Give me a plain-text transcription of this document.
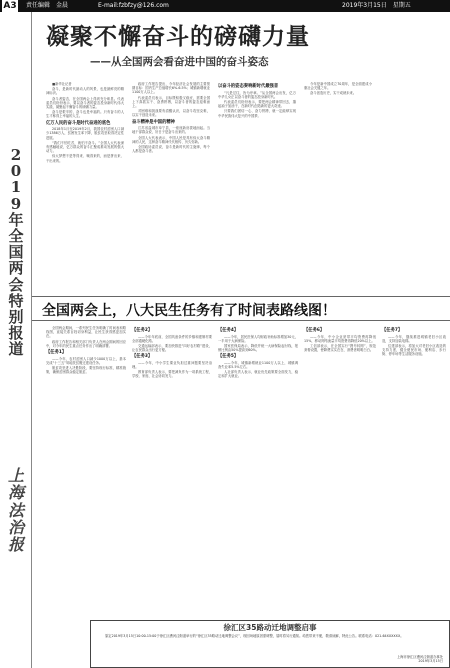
A3 责任编辑　金晨	E-mail:fzbfzy@126.com	2019年3月15日　星期五
2019年全国两会特别报道
上海法治报
凝聚不懈奋斗的磅礴力量
——从全国两会看奋进中国的奋斗姿态
■新华社记者
奋斗，是新时代最动人的风景，也是最鲜亮的精神标识。
奋斗者姿态，在全国两会上得到充分彰显。代表委员们纷纷表示，要以奋斗者的姿态投身新时代伟大实践，凝聚起不懈奋斗的磅礴力量。
奋斗是艰辛的，奋斗也是幸福的。只有奋斗的人生才称得上幸福的人生。
亿万人民的奋斗是时代奋进的底色
2018年1月至2019年2月，我国农村贫困人口减少1386万人，贫困发生率下降，脱贫攻坚取得决定性进展。
“我们不怕吃苦，就怕不奋斗。”全国人大代表深有感触地说，亿万群众的奋斗汇聚成推动发展的强大动力。
伟大梦想不是等得来、喊得来的，而是拼出来、干出来的。
政府工作报告提出，今年经济社会发展的主要预期目标：国内生产总值增长6%-6.5%；城镇新增就业1100万人以上。
代表委员们表示，目标既积极又稳妥，需要全国上下真抓实干、奋勇拼搏，以奋斗者的姿态迎难而上。
对困难和挑战要有清醒认识，以奋斗攻坚克难，以实干创造未来。
奋斗精神是中国的精神
江苏省盐城市阜宁县，一座座新房拔地而起。当地干部群众说，好日子是奋斗出来的。
全国人大代表表示，中国人民是具有伟大奋斗精神的人民，这种奋斗精神代代相传、历久弥新。
全国政协委员说，奋斗是新时代的主旋律，每个人都是奋斗者。
以奋斗的姿态奏响新时代最强音
“凡是过往，皆为序章。”从全国两会出发，亿万中华儿女正以奋斗者的姿态投身新时代。
代表委员们纷纷表示，要把两会精神带回去，撸起袖子加油干，在新时代创造新的更大奇迹。
只要我们团结一心、奋力拼搏，就一定能够实现中华民族伟大复兴的中国梦。
今年是新中国成立70周年，是全面建成小康社会关键之年。
奋斗创造历史，实干成就未来。
全国两会上，八大民生任务有了时间表路线图！
全国两会期间，一系列民生任务明确了时间表和路线图，直接关系百姓切身利益，让民生获得感更加实在。
政府工作报告和相关部门负责人在两会期间的回应中，对今年的民生重点任务作出了明确部署。
【任务1】
——今年，农村贫困人口减少1000万以上，基本完成“十三五”易地扶贫搬迁建设任务。
脱贫攻坚进入决胜阶段，要坚持现行标准，精准施策，确保贫困群众稳定脱贫。
【任务2】
——今年年底前，全国具备条件的乡镇和建制村要全部通硬化路。
交通运输部表示，要加快推进“四好农村路”建设，让农民群众出行更方便。
【任务3】
——今年，中小学生课业负担过重问题要坚决治理。
教育部负责人表示，要把减负作为一项系统工程，学校、家庭、社会协同发力。
【任务4】
——今年，居民医保人均财政补助标准增加30元，一半用于大病保险。
国家医保局表示，降低并统一大病保险起付线，报销比例由50%提高到60%。
【任务5】
——今年，城镇新增就业1100万人以上，城镇调查失业率5.5%左右。
人社部负责人表示，就业优先政策要全面发力，稳定和扩大就业。
【任务6】
——今年，中小企业宽带平均资费再降低15%，移动网络流量平均资费再降低20%以上。
工信部表示，在全国实行“携号转网”，规范套餐设置，使降费实实在在、消费者明明白白。
【任务7】
——今年，继续推进城镇老旧小区改造，支持加装电梯。
住建部表示，将加大对老旧小区改造的支持力度，健全便民市场、便利店、步行街、停车场等生活服务设施。
徐汇区35路动迁地调整启事
原定2019年3月15日10:00-15:00于徐汇区漕河泾街道举行的“徐汇区35路动迁地调整会议”，现因场地原因需调整，届时将另行通知。给您带来不便，敬请谅解，特此公告。联系电话：021-64XXXXXX。
上海市徐汇区漕河泾街道办事处
2019年3月15日
